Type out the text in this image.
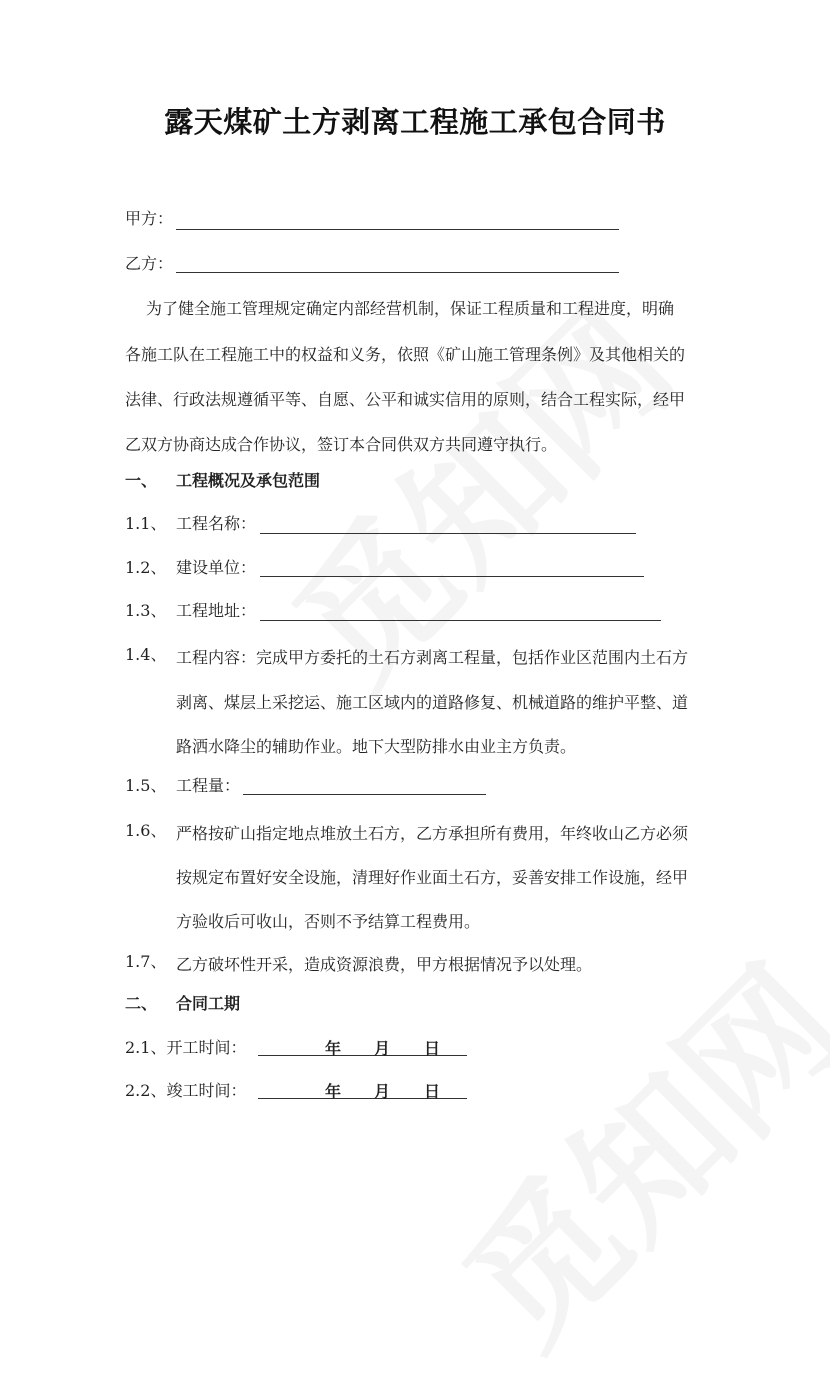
露天煤矿土方剥离工程施工承包合同书
甲方：
乙方：
为了健全施工管理规定确定内部经营机制，保证工程质量和工程进度，明确
各施工队在工程施工中的权益和义务，依照《矿山施工管理条例》及其他相关的
法律、行政法规遵循平等、自愿、公平和诚实信用的原则，结合工程实际，经甲
乙双方协商达成合作协议，签订本合同供双方共同遵守执行。
一、 工程概况及承包范围
1.1、 工程名称：
1.2、 建设单位：
1.3、 工程地址：
1.4、 工程内容：完成甲方委托的土石方剥离工程量，包括作业区范围内土石方
剥离、煤层上采挖运、施工区域内的道路修复、机械道路的维护平整、道
路洒水降尘的辅助作业。地下大型防排水由业主方负责。
1.5、 工程量：
1.6、 严格按矿山指定地点堆放土石方，乙方承担所有费用，年终收山乙方必须
按规定布置好安全设施，清理好作业面土石方，妥善安排工作设施，经甲
方验收后可收山，否则不予结算工程费用。
1.7、 乙方破坏性开采，造成资源浪费，甲方根据情况予以处理。
二、 合同工期
2.1、开工时间：	年 月 日
2.2、竣工时间：	年 月 日
